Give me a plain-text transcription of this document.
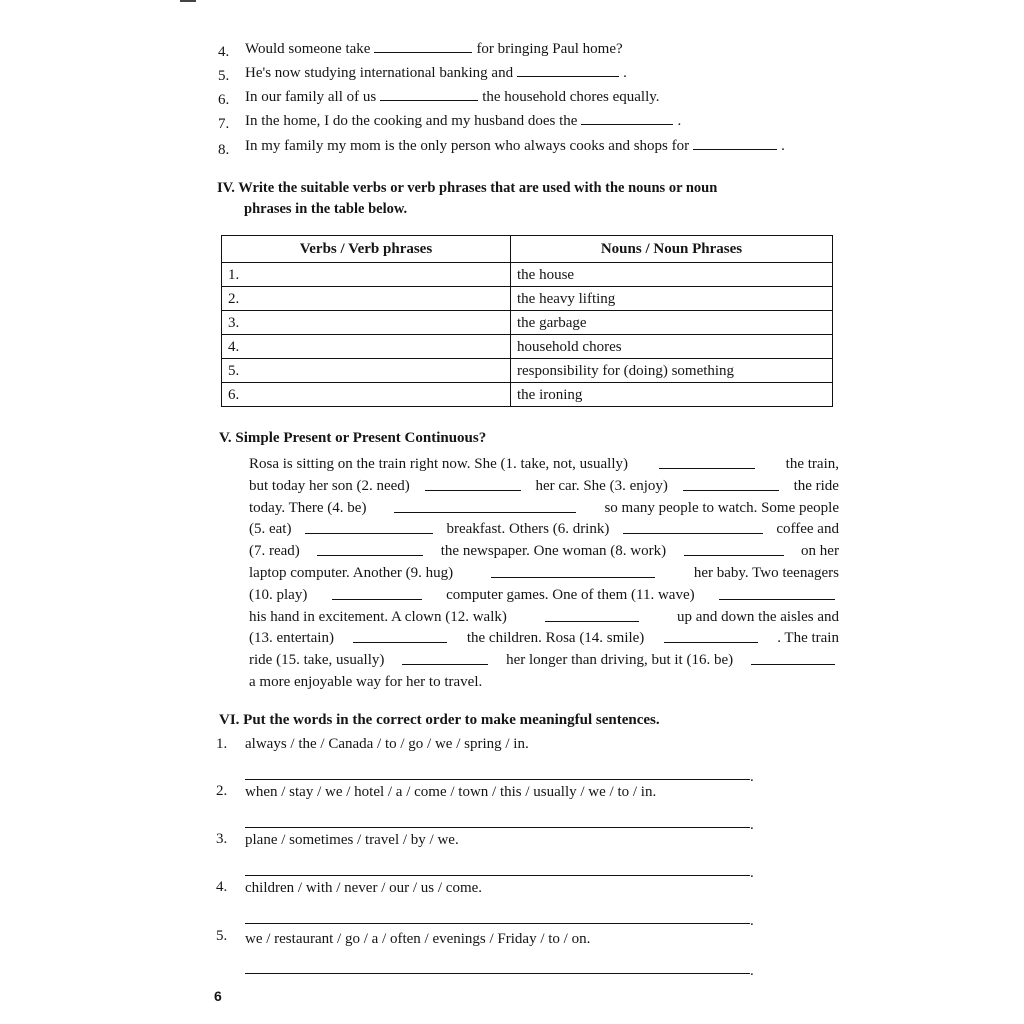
4. Would someone take	for bringing Paul home?
5. He's now studying international banking and	.
6. In our family all of us	the household chores equally.
7. In the home, I do the cooking and my husband does the	.
8. In my family my mom is the only person who always cooks and shops for	.
IV. Write the suitable verbs or verb phrases that are used with the nouns or noun
phrases in the table below.
Verbs / Verb phrases	Nouns / Noun Phrases
1.	the house
2.	the heavy lifting
3.	the garbage
4.	household chores
5.	responsibility for (doing) something
6.	the ironing
V. Simple Present or Present Continuous?
Rosa is sitting on the train right now. She (1. take, not, usually)	the train,
but today her son (2. need)	her car. She (3. enjoy)	the ride
today. There (4. be)	so many people to watch. Some people
(5. eat)	breakfast. Others (6. drink)	coffee and
(7. read)	the newspaper. One woman (8. work)	on her
laptop computer. Another (9. hug)	her baby. Two teenagers
(10. play)	computer games. One of them (11. wave)
his hand in excitement. A clown (12. walk)	up and down the aisles and
(13. entertain)	the children. Rosa (14. smile)	. The train
ride (15. take, usually)	her longer than driving, but it (16. be)
a more enjoyable way for her to travel.
VI. Put the words in the correct order to make meaningful sentences.
1. always / the / Canada / to / go / we / spring / in.
.
2. when / stay / we / hotel / a / come / town / this / usually / we / to / in.
.
3. plane / sometimes / travel / by / we.
.
4. children / with / never / our / us / come.
.
5. we / restaurant / go / a / often / evenings / Friday / to / on.
.
6
